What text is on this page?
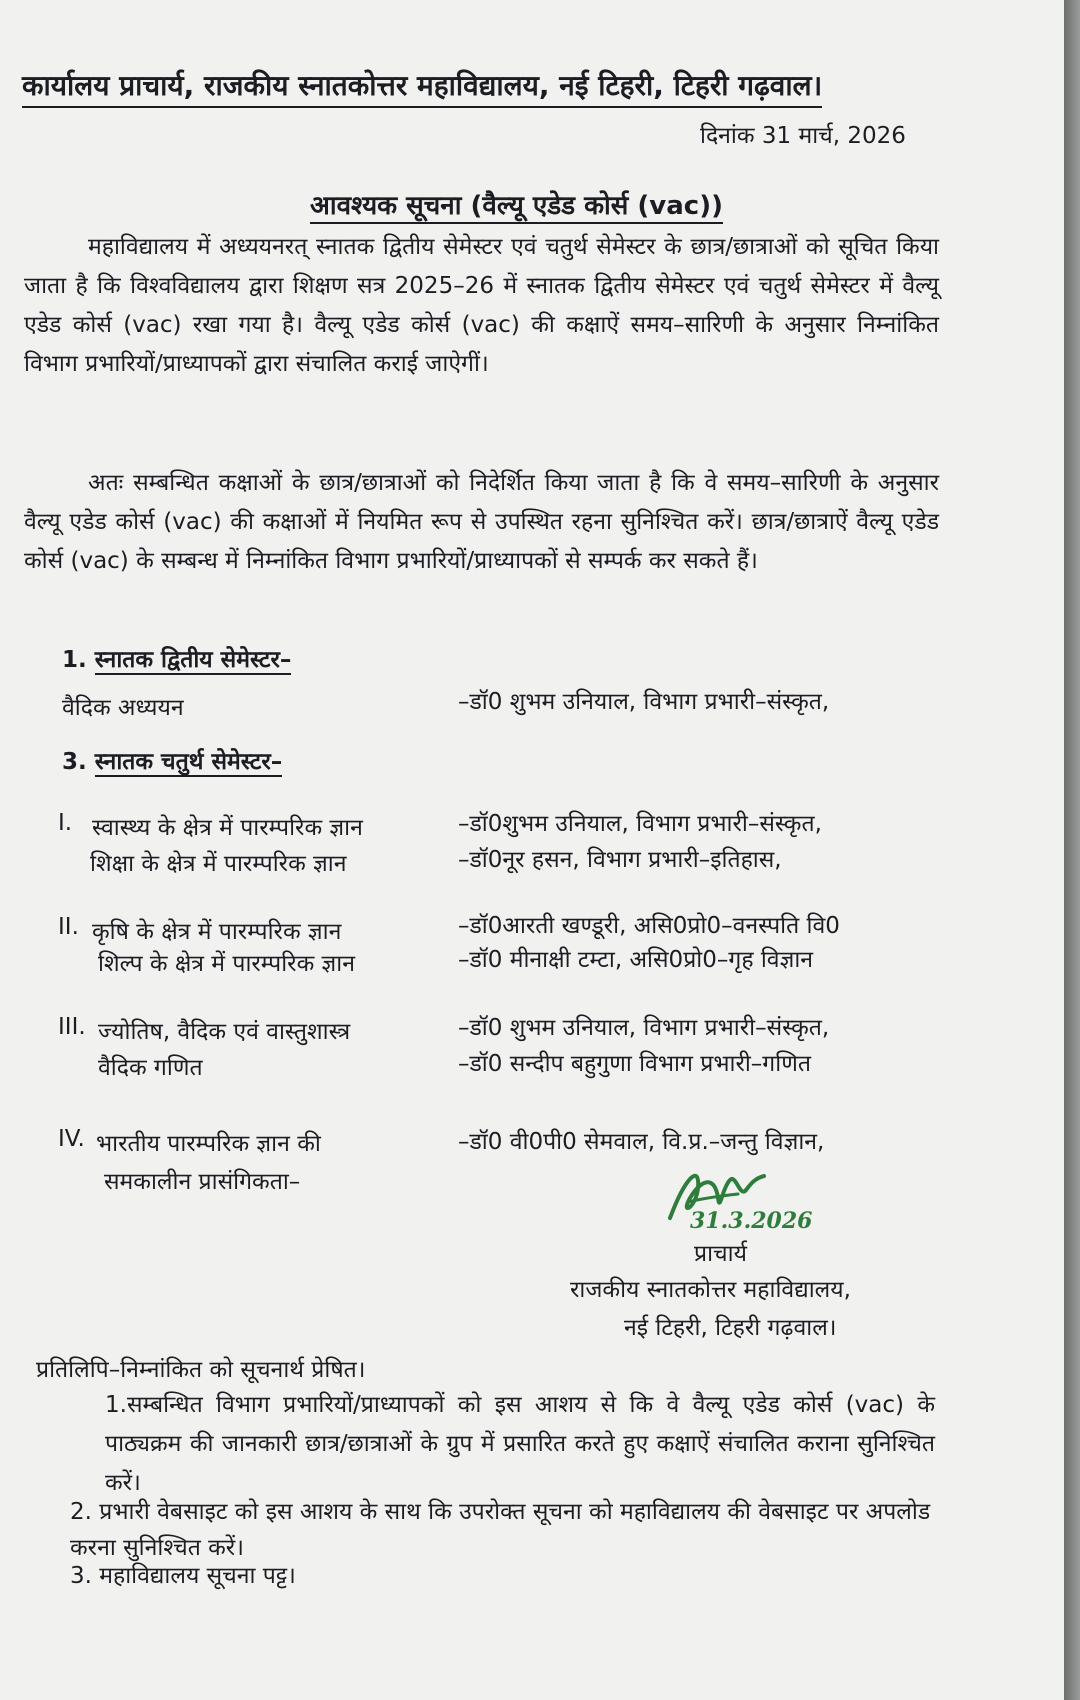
कार्यालय प्राचार्य, राजकीय स्नातकोत्तर महाविद्यालय, नई टिहरी, टिहरी गढ़वाल।
दिनांक 31 मार्च, 2026
आवश्यक सूचना (वैल्यू एडेड कोर्स (vac))
महाविद्यालय में अध्ययनरत् स्नातक द्वितीय सेमेस्टर एवं चतुर्थ सेमेस्टर के छात्र/छात्राओं को सूचित किया जाता है कि विश्वविद्यालय द्वारा शिक्षण सत्र 2025–26 में स्नातक द्वितीय सेमेस्टर एवं चतुर्थ सेमेस्टर में वैल्यू एडेड कोर्स (vac) रखा गया है। वैल्यू एडेड कोर्स (vac) की कक्षाऐं समय–सारिणी के अनुसार निम्नांकित विभाग प्रभारियों/प्राध्यापकों द्वारा संचालित कराई जाऐगीं।
अतः सम्बन्धित कक्षाओं के छात्र/छात्राओं को निदेर्शित किया जाता है कि वे समय–सारिणी के अनुसार वैल्यू एडेड कोर्स (vac) की कक्षाओं में नियमित रूप से उपस्थित रहना सुनिश्चित करें। छात्र/छात्राऐं वैल्यू एडेड कोर्स (vac) के सम्बन्ध में निम्नांकित विभाग प्रभारियों/प्राध्यापकों से सम्पर्क कर सकते हैं।
1. स्नातक द्वितीय सेमेस्टर–
वैदिक अध्ययन	–डॉ0 शुभम उनियाल, विभाग प्रभारी–संस्कृत,
3. स्नातक चतुर्थ सेमेस्टर–
I. स्वास्थ्य के क्षेत्र में पारम्परिक ज्ञान	–डॉ0शुभम उनियाल, विभाग प्रभारी–संस्कृत,
शिक्षा के क्षेत्र में पारम्परिक ज्ञान	–डॉ0नूर हसन, विभाग प्रभारी–इतिहास,
II. कृषि के क्षेत्र में पारम्परिक ज्ञान	–डॉ0आरती खण्डूरी, असि0प्रो0–वनस्पति वि0
शिल्प के क्षेत्र में पारम्परिक ज्ञान	–डॉ0 मीनाक्षी टम्टा, असि0प्रो0–गृह विज्ञान
III. ज्योतिष, वैदिक एवं वास्तुशास्त्र	–डॉ0 शुभम उनियाल, विभाग प्रभारी–संस्कृत,
वैदिक गणित	–डॉ0 सन्दीप बहुगुणा विभाग प्रभारी–गणित
IV. भारतीय पारम्परिक ज्ञान की	–डॉ0 वी0पी0 सेमवाल, वि.प्र.–जन्तु विज्ञान,
समकालीन प्रासंगिकता–
31.3.2026
प्राचार्य
राजकीय स्नातकोत्तर महाविद्यालय,
नई टिहरी, टिहरी गढ़वाल।
प्रतिलिपि–निम्नांकित को सूचनार्थ प्रेषित।
1.सम्बन्धित विभाग प्रभारियों/प्राध्यापकों को इस आशय से कि वे वैल्यू एडेड कोर्स (vac) के पाठ्यक्रम की जानकारी छात्र/छात्राओं के ग्रुप में प्रसारित करते हुए कक्षाऐं संचालित कराना सुनिश्चित करें।
2. प्रभारी वेबसाइट को इस आशय के साथ कि उपरोक्त सूचना को महाविद्यालय की वेबसाइट पर अपलोड करना सुनिश्चित करें।
3. महाविद्यालय सूचना पट्ट।
